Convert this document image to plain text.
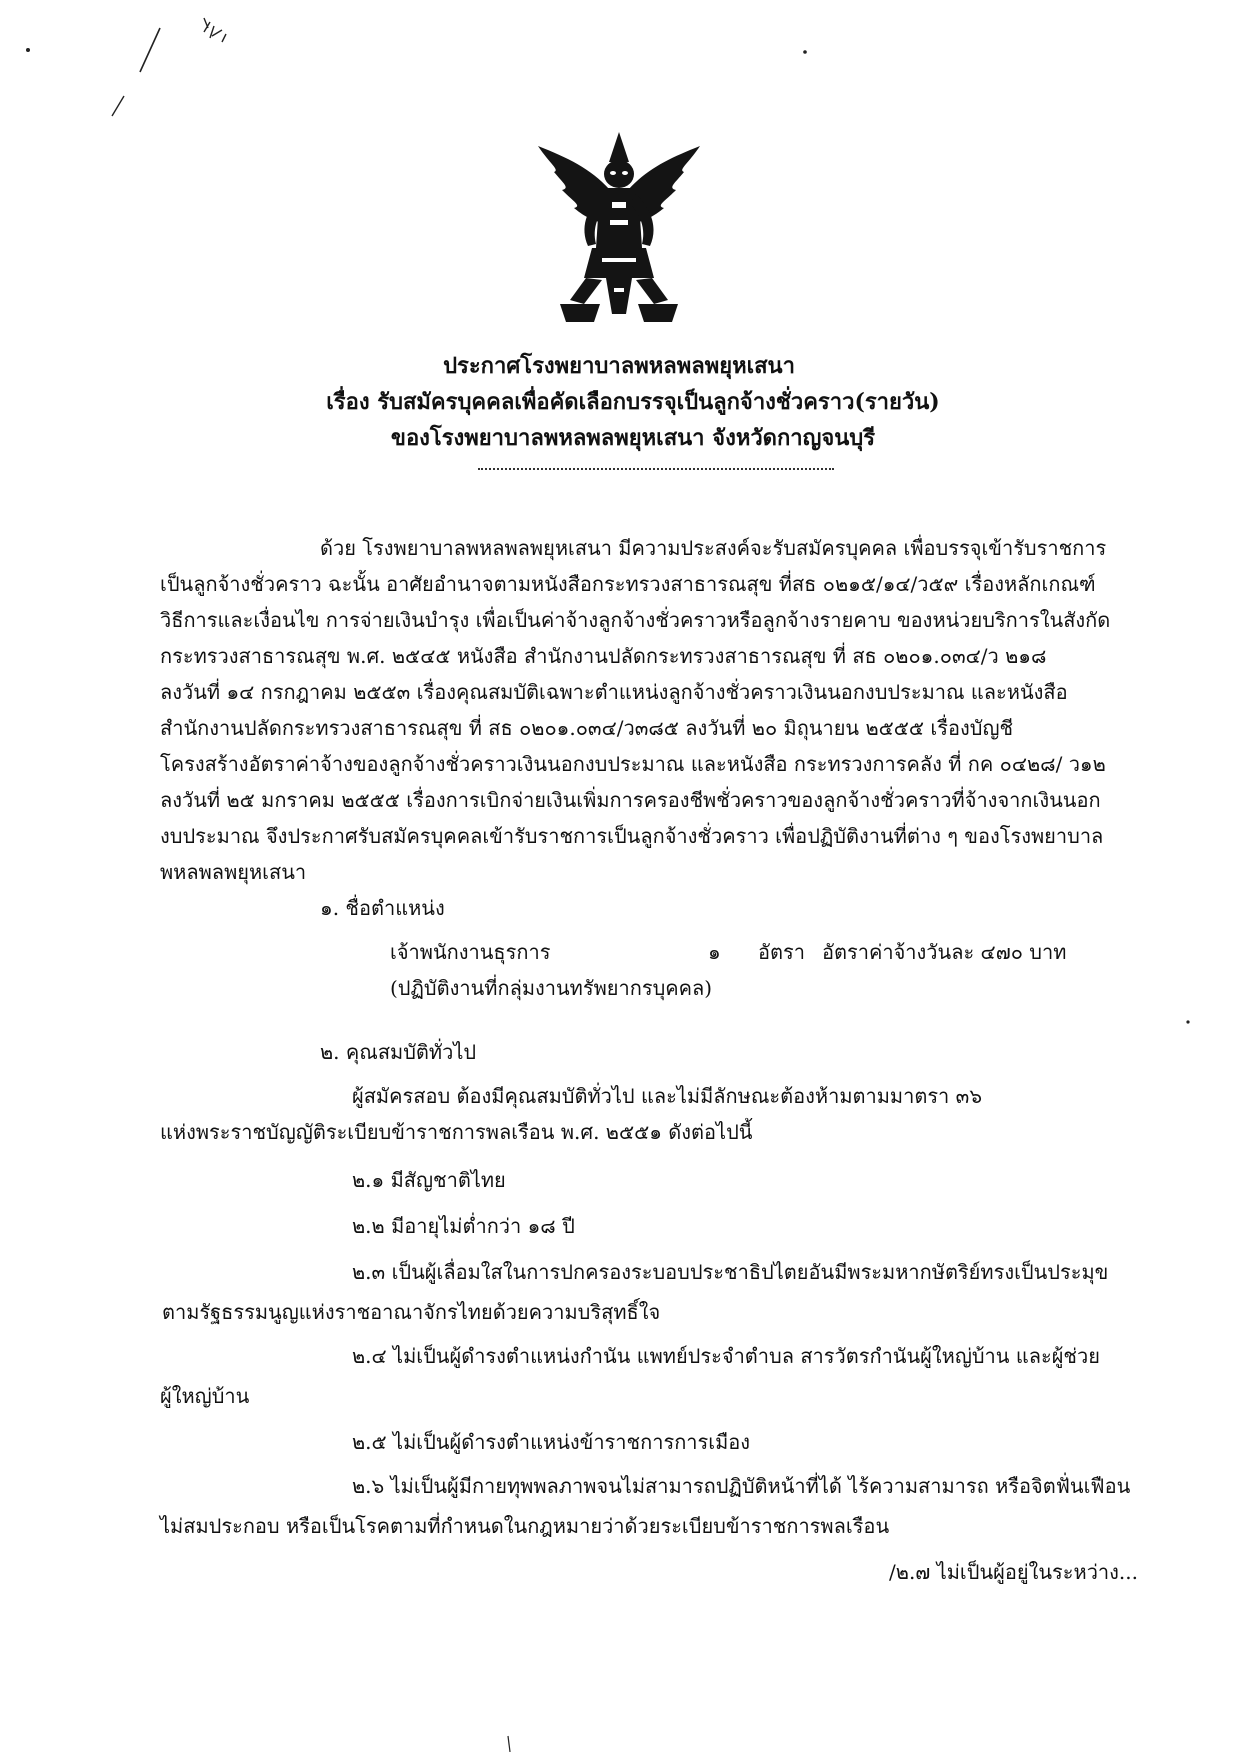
ประกาศโรงพยาบาลพหลพลพยุหเสนา
เรื่อง รับสมัครบุคคลเพื่อคัดเลือกบรรจุเป็นลูกจ้างชั่วคราว(รายวัน)
ของโรงพยาบาลพหลพลพยุหเสนา จังหวัดกาญจนบุรี
ด้วย โรงพยาบาลพหลพลพยุหเสนา มีความประสงค์จะรับสมัครบุคคล เพื่อบรรจุเข้ารับราชการ
เป็นลูกจ้างชั่วคราว ฉะนั้น อาศัยอำนาจตามหนังสือกระทรวงสาธารณสุข ที่สธ ๐๒๑๕/๑๔/ว๕๙ เรื่องหลักเกณฑ์
วิธีการและเงื่อนไข การจ่ายเงินบำรุง เพื่อเป็นค่าจ้างลูกจ้างชั่วคราวหรือลูกจ้างรายคาบ ของหน่วยบริการในสังกัด
กระทรวงสาธารณสุข พ.ศ. ๒๕๔๕ หนังสือ สำนักงานปลัดกระทรวงสาธารณสุข ที่ สธ ๐๒๐๑.๐๓๔/ว ๒๑๘
ลงวันที่ ๑๔ กรกฎาคม ๒๕๕๓ เรื่องคุณสมบัติเฉพาะตำแหน่งลูกจ้างชั่วคราวเงินนอกงบประมาณ และหนังสือ
สำนักงานปลัดกระทรวงสาธารณสุข ที่ สธ ๐๒๐๑.๐๓๔/ว๓๘๕ ลงวันที่ ๒๐ มิถุนายน ๒๕๕๕ เรื่องบัญชี
โครงสร้างอัตราค่าจ้างของลูกจ้างชั่วคราวเงินนอกงบประมาณ และหนังสือ กระทรวงการคลัง ที่ กค ๐๔๒๘/ ว๑๒
ลงวันที่ ๒๕ มกราคม ๒๕๕๕ เรื่องการเบิกจ่ายเงินเพิ่มการครองชีพชั่วคราวของลูกจ้างชั่วคราวที่จ้างจากเงินนอก
งบประมาณ จึงประกาศรับสมัครบุคคลเข้ารับราชการเป็นลูกจ้างชั่วคราว เพื่อปฏิบัติงานที่ต่าง ๆ ของโรงพยาบาล
พหลพลพยุหเสนา
๑. ชื่อตำแหน่ง
เจ้าพนักงานธุรการ	๑ อัตรา อัตราค่าจ้างวันละ ๔๗๐ บาท
(ปฏิบัติงานที่กลุ่มงานทรัพยากรบุคคล)
๒. คุณสมบัติทั่วไป
ผู้สมัครสอบ ต้องมีคุณสมบัติทั่วไป และไม่มีลักษณะต้องห้ามตามมาตรา ๓๖
แห่งพระราชบัญญัติระเบียบข้าราชการพลเรือน พ.ศ. ๒๕๕๑ ดังต่อไปนี้
๒.๑ มีสัญชาติไทย
๒.๒ มีอายุไม่ต่ำกว่า ๑๘ ปี
๒.๓ เป็นผู้เลื่อมใสในการปกครองระบอบประชาธิปไตยอันมีพระมหากษัตริย์ทรงเป็นประมุข
ตามรัฐธรรมนูญแห่งราชอาณาจักรไทยด้วยความบริสุทธิ์ใจ
๒.๔ ไม่เป็นผู้ดำรงตำแหน่งกำนัน แพทย์ประจำตำบล สารวัตรกำนันผู้ใหญ่บ้าน และผู้ช่วย
ผู้ใหญ่บ้าน
๒.๕ ไม่เป็นผู้ดำรงตำแหน่งข้าราชการการเมือง
๒.๖ ไม่เป็นผู้มีกายทุพพลภาพจนไม่สามารถปฏิบัติหน้าที่ได้ ไร้ความสามารถ หรือจิตฟั่นเฟือน
ไม่สมประกอบ หรือเป็นโรคตามที่กำหนดในกฎหมายว่าด้วยระเบียบข้าราชการพลเรือน
/๒.๗ ไม่เป็นผู้อยู่ในระหว่าง...
